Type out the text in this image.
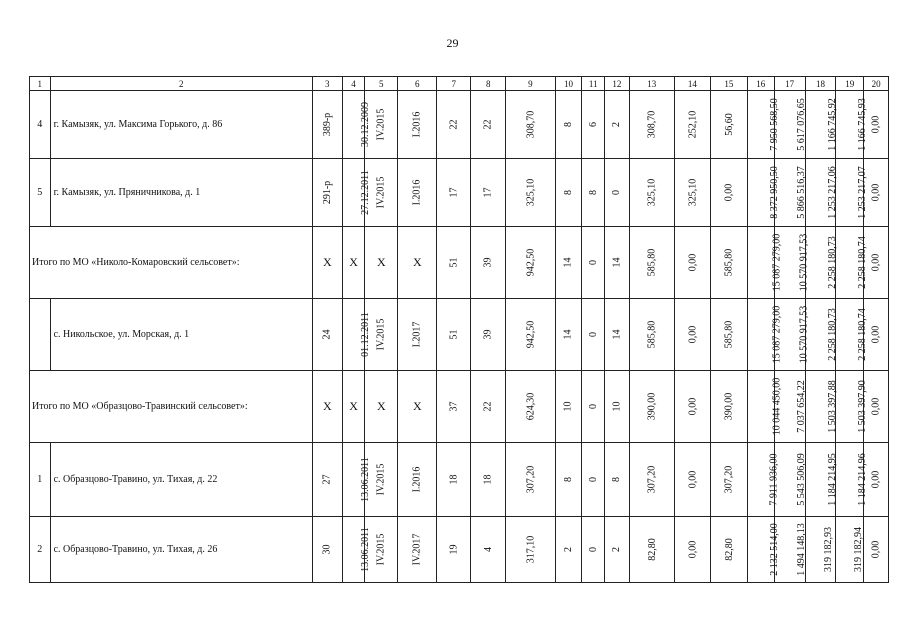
29
1	2	3	4	5	6	7	8	9	10	11	12	13	14	15	16	17	18	19	20
4	г. Камызяк, ул. Максима Горького, д. 86	389-р	30.12.2009	IV.2015	I.2016	22	22	308,70	8	6	2	308,70	252,10	56,60	7 950 568,50	5 617 076,65	1 166 745,92	1 166 745,93	0,00
5	г. Камызяк, ул. Пряничникова, д. 1	291-р	27.12.2011	IV.2015	I.2016	17	17	325,10	8	8	0	325,10	325,10	0,00	8 372 950,50	5 866 516,37	1 253 217,06	1 253 217,07	0,00
Итого по МО «Николо-Комаровский сельсовет»:		X	X	X	X	51	39	942,50	14	0	14	585,80	0,00	585,80	15 087 279,00	10 570 917,53	2 258 180,73	2 258 180,74	0,00
	с. Никольское, ул. Морская, д. 1	24	01.12.2011	IV.2015	I.2017	51	39	942,50	14	0	14	585,80	0,00	585,80	15 087 279,00	10 570 917,53	2 258 180,73	2 258 180,74	0,00
Итого по МО «Образцово-Травинский сельсовет»:		X	X	X	X	37	22	624,30	10	0	10	390,00	0,00	390,00	10 044 450,00	7 037 654,22	1 503 397,88	1 503 397,90	0,00
1	с. Образцово-Травино, ул. Тихая, д. 22	27	13.06.2011	IV.2015	I.2016	18	18	307,20	8	0	8	307,20	0,00	307,20	7 911 936,00	5 543 506,09	1 184 214,95	1 184 214,96	0,00
2	с. Образцово-Травино, ул. Тихая, д. 26	30	13.06.2011	IV.2015	IV.2017	19	4	317,10	2	0	2	82,80	0,00	82,80	2 132 514,00	1 494 148,13	319 182,93	319 182,94	0,00
